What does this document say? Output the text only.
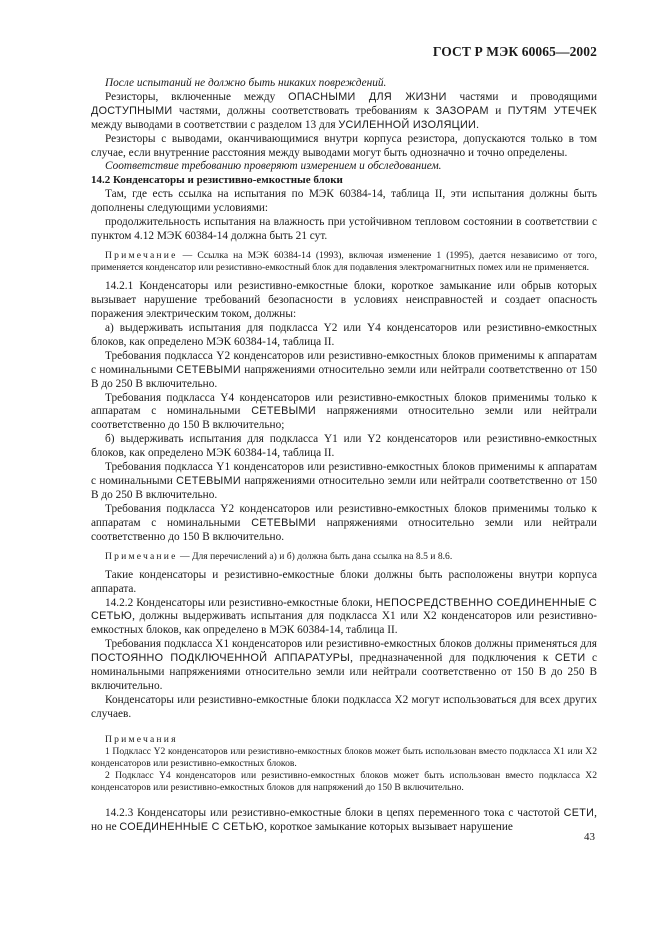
ГОСТ Р МЭК 60065—2002

После испытаний не должно быть никаких повреждений.

Резисторы, включенные между ОПАСНЫМИ ДЛЯ ЖИЗНИ частями и проводящими ДОСТУПНЫМИ частями, должны соответствовать требованиям к ЗАЗОРАМ и ПУТЯМ УТЕЧЕК между выводами в соответствии с разделом 13 для УСИЛЕННОЙ ИЗОЛЯЦИИ.

Резисторы с выводами, оканчивающимися внутри корпуса резистора, допускаются только в том случае, если внутренние расстояния между выводами могут быть однозначно и точно определены.

Соответствие требованию проверяют измерением и обследованием.

14.2 Конденсаторы и резистивно-емкостные блоки

Там, где есть ссылка на испытания по МЭК 60384-14, таблица II, эти испытания должны быть дополнены следующими условиями:

продолжительность испытания на влажность при устойчивном тепловом состоянии в соответствии с пунктом 4.12 МЭК 60384-14 должна быть 21 сут.

Примечание — Ссылка на МЭК 60384-14 (1993), включая изменение 1 (1995), дается независимо от того, применяется конденсатор или резистивно-емкостный блок для подавления электромагнитных помех или не применяется.

14.2.1 Конденсаторы или резистивно-емкостные блоки, короткое замыкание или обрыв которых вызывает нарушение требований безопасности в условиях неисправностей и создает опасность поражения электрическим током, должны:

а) выдерживать испытания для подкласса Y2 или Y4 конденсаторов или резистивно-емкостных блоков, как определено МЭК 60384-14, таблица II.

Требования подкласса Y2 конденсаторов или резистивно-емкостных блоков применимы к аппаратам с номинальными СЕТЕВЫМИ напряжениями относительно земли или нейтрали соответственно от 150 В до 250 В включительно.

Требования подкласса Y4 конденсаторов или резистивно-емкостных блоков применимы только к аппаратам с номинальными СЕТЕВЫМИ напряжениями относительно земли или нейтрали соответственно до 150 В включительно;

б) выдерживать испытания для подкласса Y1 или Y2 конденсаторов или резистивно-емкостных блоков, как определено МЭК 60384-14, таблица II.

Требования подкласса Y1 конденсаторов или резистивно-емкостных блоков применимы к аппаратам с номинальными СЕТЕВЫМИ напряжениями относительно земли или нейтрали соответственно от 150 В до 250 В включительно.

Требования подкласса Y2 конденсаторов или резистивно-емкостных блоков применимы только к аппаратам с номинальными СЕТЕВЫМИ напряжениями относительно земли или нейтрали соответственно до 150 В включительно.

Примечание — Для перечислений а) и б) должна быть дана ссылка на 8.5 и 8.6.

Такие конденсаторы и резистивно-емкостные блоки должны быть расположены внутри корпуса аппарата.

14.2.2 Конденсаторы или резистивно-емкостные блоки, НЕПОСРЕДСТВЕННО СОЕДИНЕННЫЕ С СЕТЬЮ, должны выдерживать испытания для подкласса X1 или X2 конденсаторов или резистивно-емкостных блоков, как определено в МЭК 60384-14, таблица II.

Требования подкласса X1 конденсаторов или резистивно-емкостных блоков должны применяться для ПОСТОЯННО ПОДКЛЮЧЕННОЙ АППАРАТУРЫ, предназначенной для подключения к СЕТИ с номинальными напряжениями относительно земли или нейтрали соответственно от 150 В до 250 В включительно.

Конденсаторы или резистивно-емкостные блоки подкласса X2 могут использоваться для всех других случаев.

Примечания

1 Подкласс Y2 конденсаторов или резистивно-емкостных блоков может быть использован вместо подкласса X1 или X2 конденсаторов или резистивно-емкостных блоков.

2 Подкласс Y4 конденсаторов или резистивно-емкостных блоков может быть использован вместо подкласса X2 конденсаторов или резистивно-емкостных блоков для напряжений до 150 В включительно.

14.2.3 Конденсаторы или резистивно-емкостные блоки в цепях переменного тока с частотой СЕТИ, но не СОЕДИНЕННЫЕ С СЕТЬЮ, короткое замыкание которых вызывает нарушение

43
